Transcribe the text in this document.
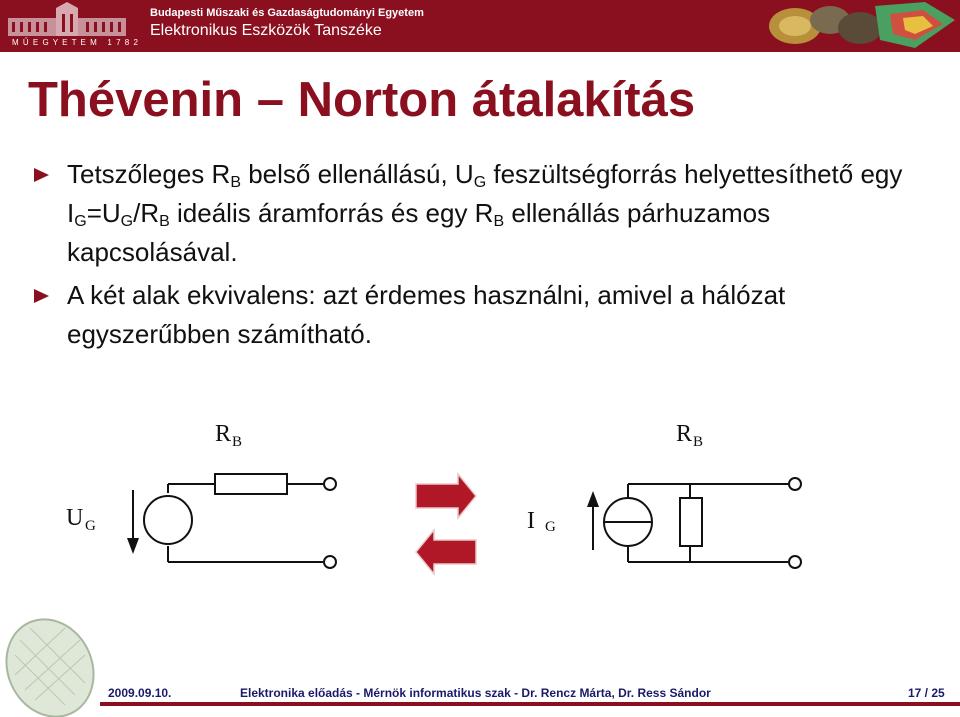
M Ű E G Y E T E M   1 7 8 2
Budapesti Műszaki és Gazdaságtudományi Egyetem
Elektronikus Eszközök Tanszéke
Thévenin – Norton átalakítás
Tetszőleges $R_B$ belső ellenállású, $U_G$ feszültségforrás helyettesíthető egy $I_G=U_G/R_B$ ideális áramforrás és egy $R_B$ ellenállás párhuzamos kapcsolásával.
A két alak ekvivalens: azt érdemes használni, amivel a hálózat egyszerűbben számítható.
R B
U G
R B
I G
2009.09.10.	Elektronika előadás - Mérnök informatikus szak - Dr. Rencz Márta, Dr. Ress Sándor	17 / 25
